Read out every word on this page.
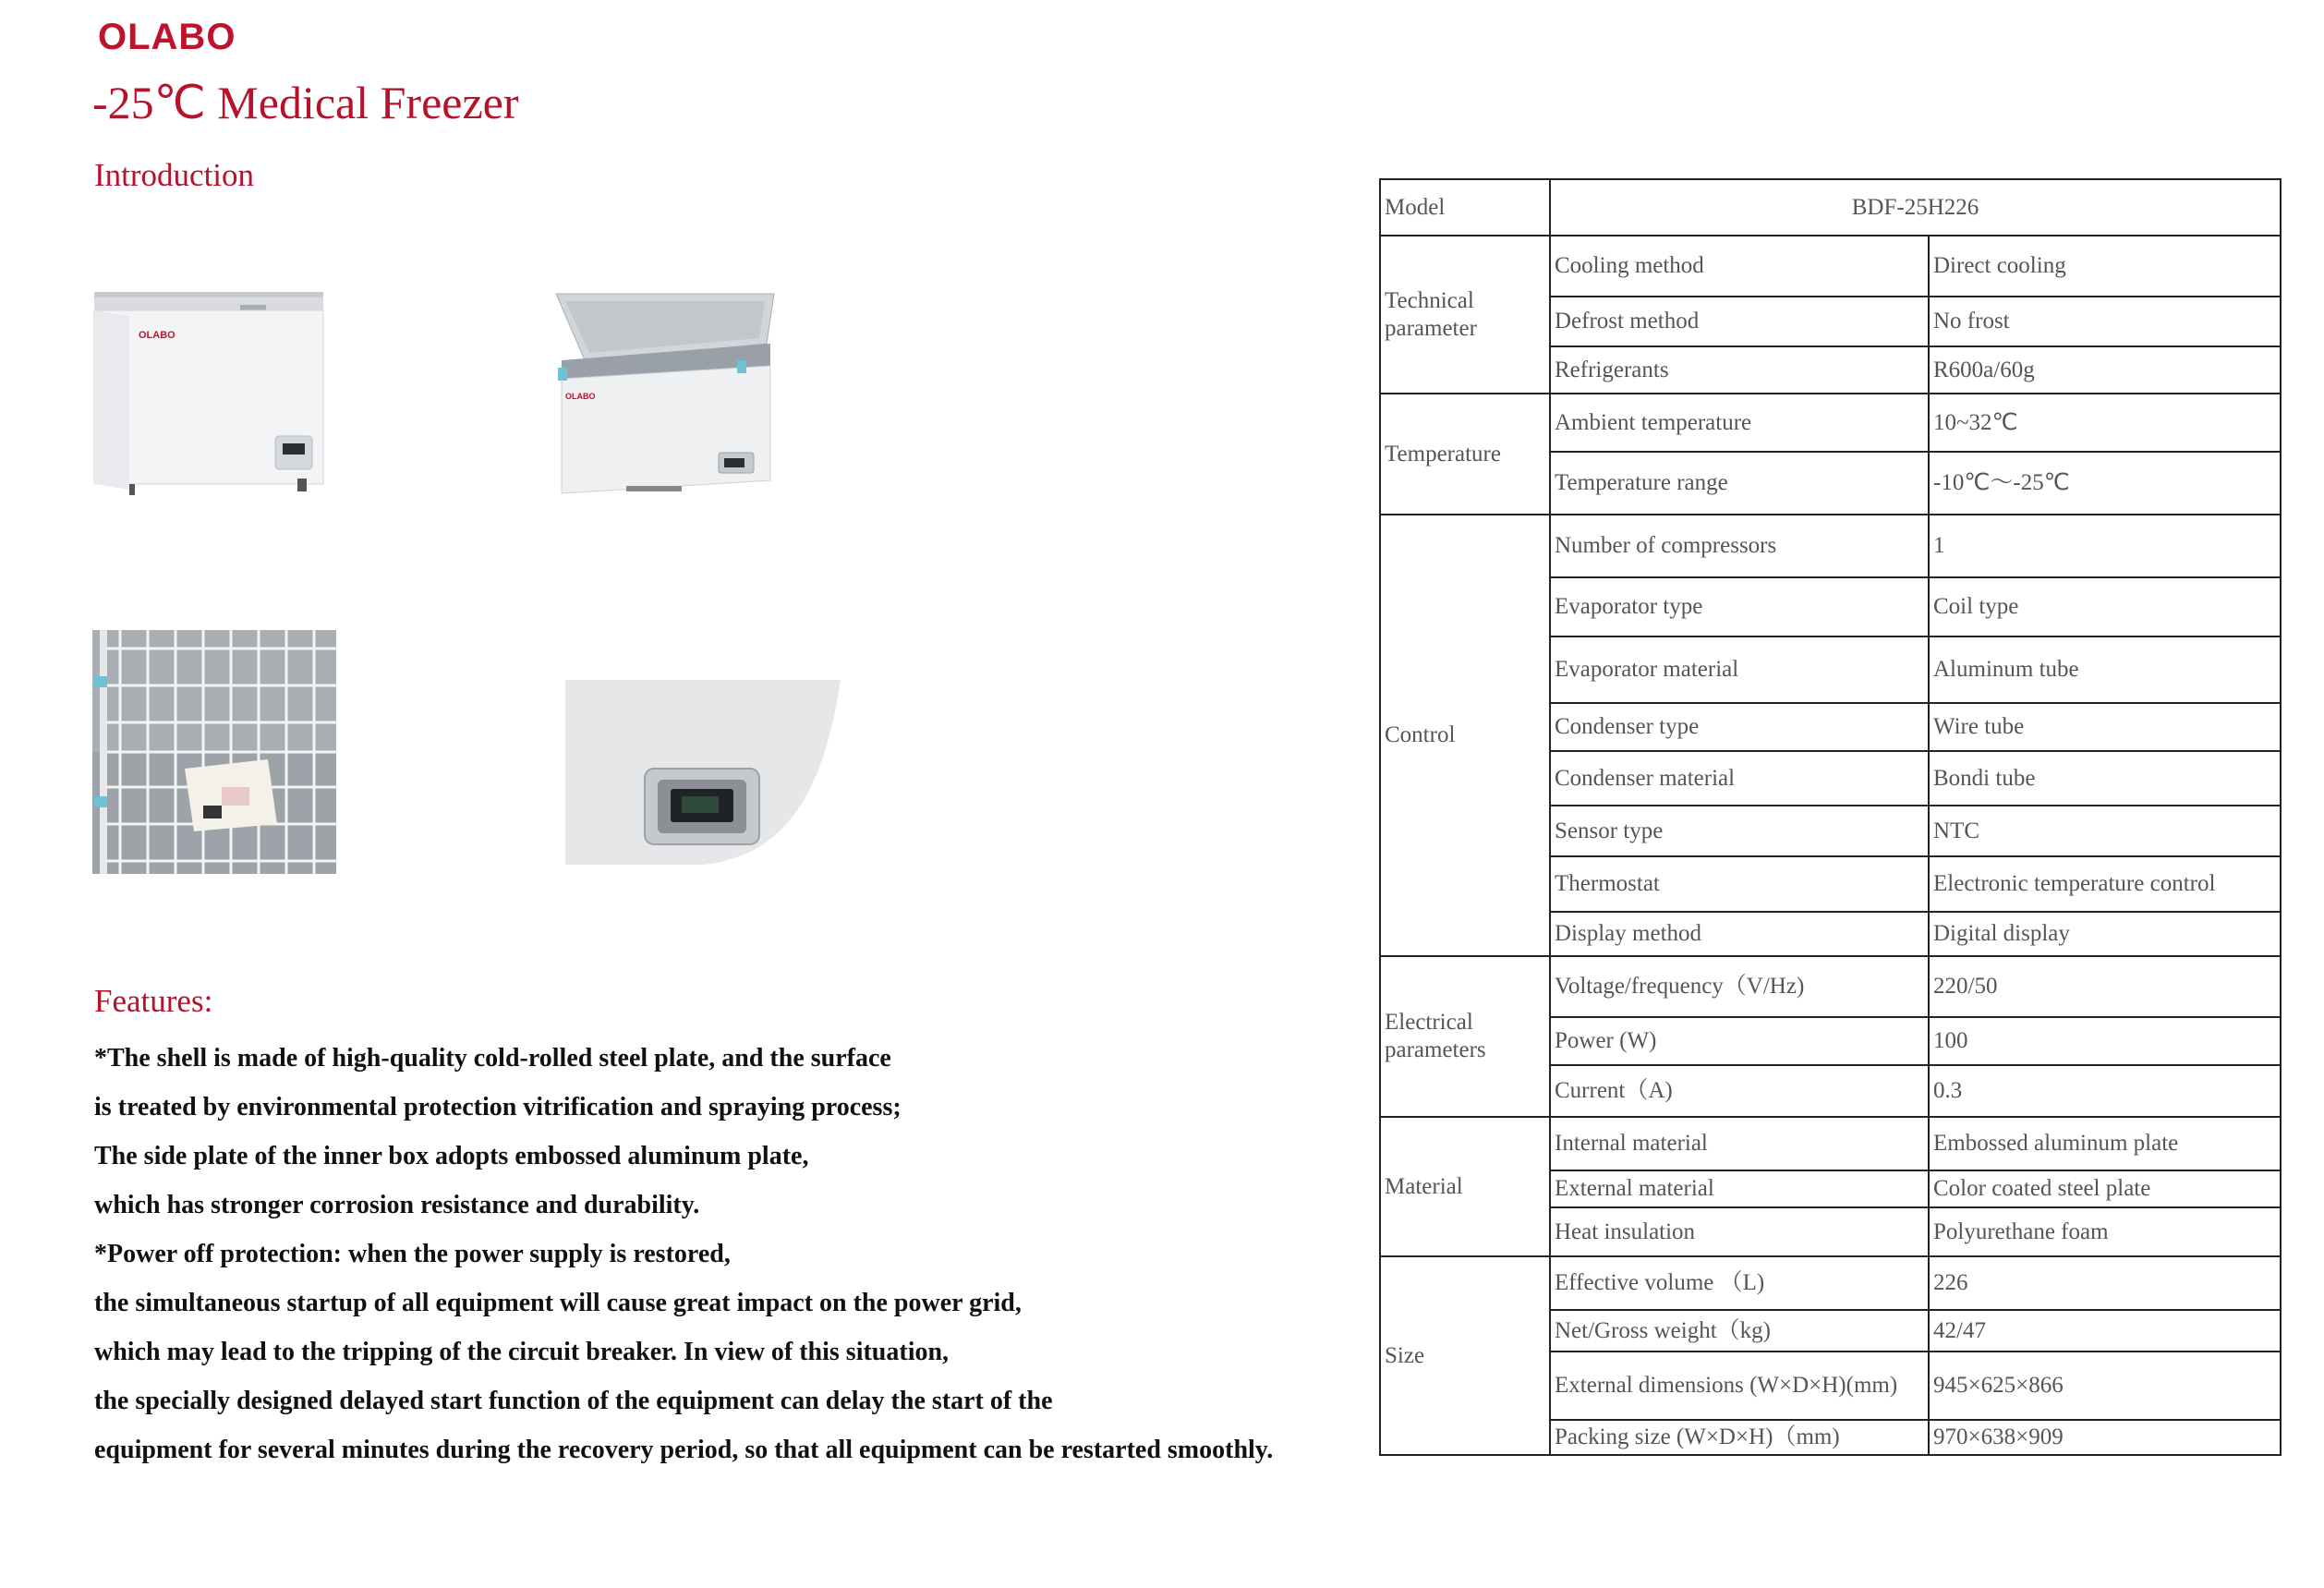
OLABO
-25℃ Medical Freezer
Introduction
OLABO
OLABO
Features:
*The shell is made of high-quality cold-rolled steel plate, and the surface
is treated by environmental protection vitrification and spraying process;
The side plate of the inner box adopts embossed aluminum plate,
which has stronger corrosion resistance and durability.
*Power off protection: when the power supply is restored,
the simultaneous startup of all equipment will cause great impact on the power grid,
which may lead to the tripping of the circuit breaker. In view of this situation,
the specially designed delayed start function of the equipment can delay the start of the
equipment for several minutes during the recovery period, so that all equipment can be restarted smoothly.
Model	BDF-25H226	
Technical parameter	Cooling method	Direct cooling
	Defrost method	No frost
	Refrigerants	R600a/60g
Temperature	Ambient temperature	10~32℃
	Temperature range	-10℃～-25℃
Control	Number of compressors	1
	Evaporator type	Coil type
	Evaporator material	Aluminum tube
	Condenser type	Wire tube
	Condenser material	Bondi tube
	Sensor type	NTC
	Thermostat	Electronic temperature control
	Display method	Digital display
Electrical parameters	Voltage/frequency（V/Hz)	220/50
	Power (W)	100
	Current（A)	0.3
Material	Internal material	Embossed aluminum plate
	External material	Color coated steel plate
	Heat insulation	Polyurethane foam
Size	Effective volume （L)	226
	Net/Gross weight（kg)	42/47
	External dimensions (W×D×H)(mm)	945×625×866
	Packing size (W×D×H)（mm)	970×638×909
